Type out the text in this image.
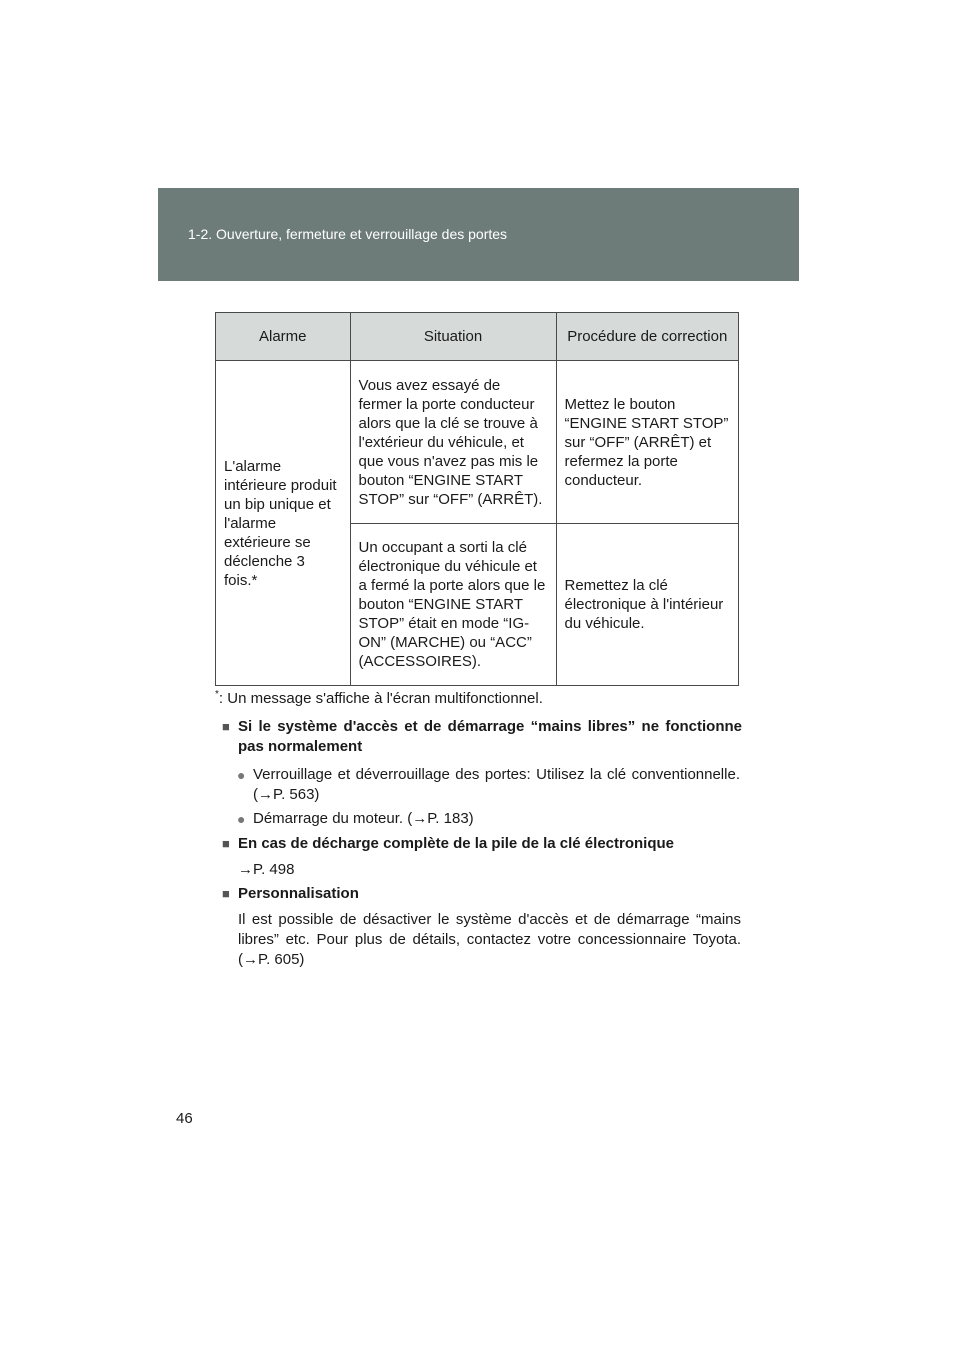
1-2. Ouverture, fermeture et verrouillage des portes
Alarme	Situation	Procédure de correction
L'alarme intérieure produit un bip unique et l'alarme extérieure se déclenche 3 fois.*	Vous avez essayé de fermer la porte conducteur alors que la clé se trouve à l'extérieur du véhicule, et que vous n'avez pas mis le bouton “ENGINE START STOP” sur “OFF” (ARRÊT).	Mettez le bouton “ENGINE START STOP” sur “OFF” (ARRÊT) et refermez la porte conducteur.
	Un occupant a sorti la clé électronique du véhicule et a fermé la porte alors que le bouton “ENGINE START STOP” était en mode “IG-ON” (MARCHE) ou “ACC” (ACCESSOIRES).	Remettez la clé électronique à l'intérieur du véhicule.
*: Un message s'affiche à l'écran multifonctionnel.
■ Si le système d'accès et de démarrage “mains libres” ne fonctionne pas normalement
● Verrouillage et déverrouillage des portes: Utilisez la clé conventionnelle. (→P. 563)
● Démarrage du moteur. (→P. 183)
■ En cas de décharge complète de la pile de la clé électronique
→P. 498
■ Personnalisation
Il est possible de désactiver le système d'accès et de démarrage “mains libres” etc. Pour plus de détails, contactez votre concessionnaire Toyota. (→P. 605)
46
